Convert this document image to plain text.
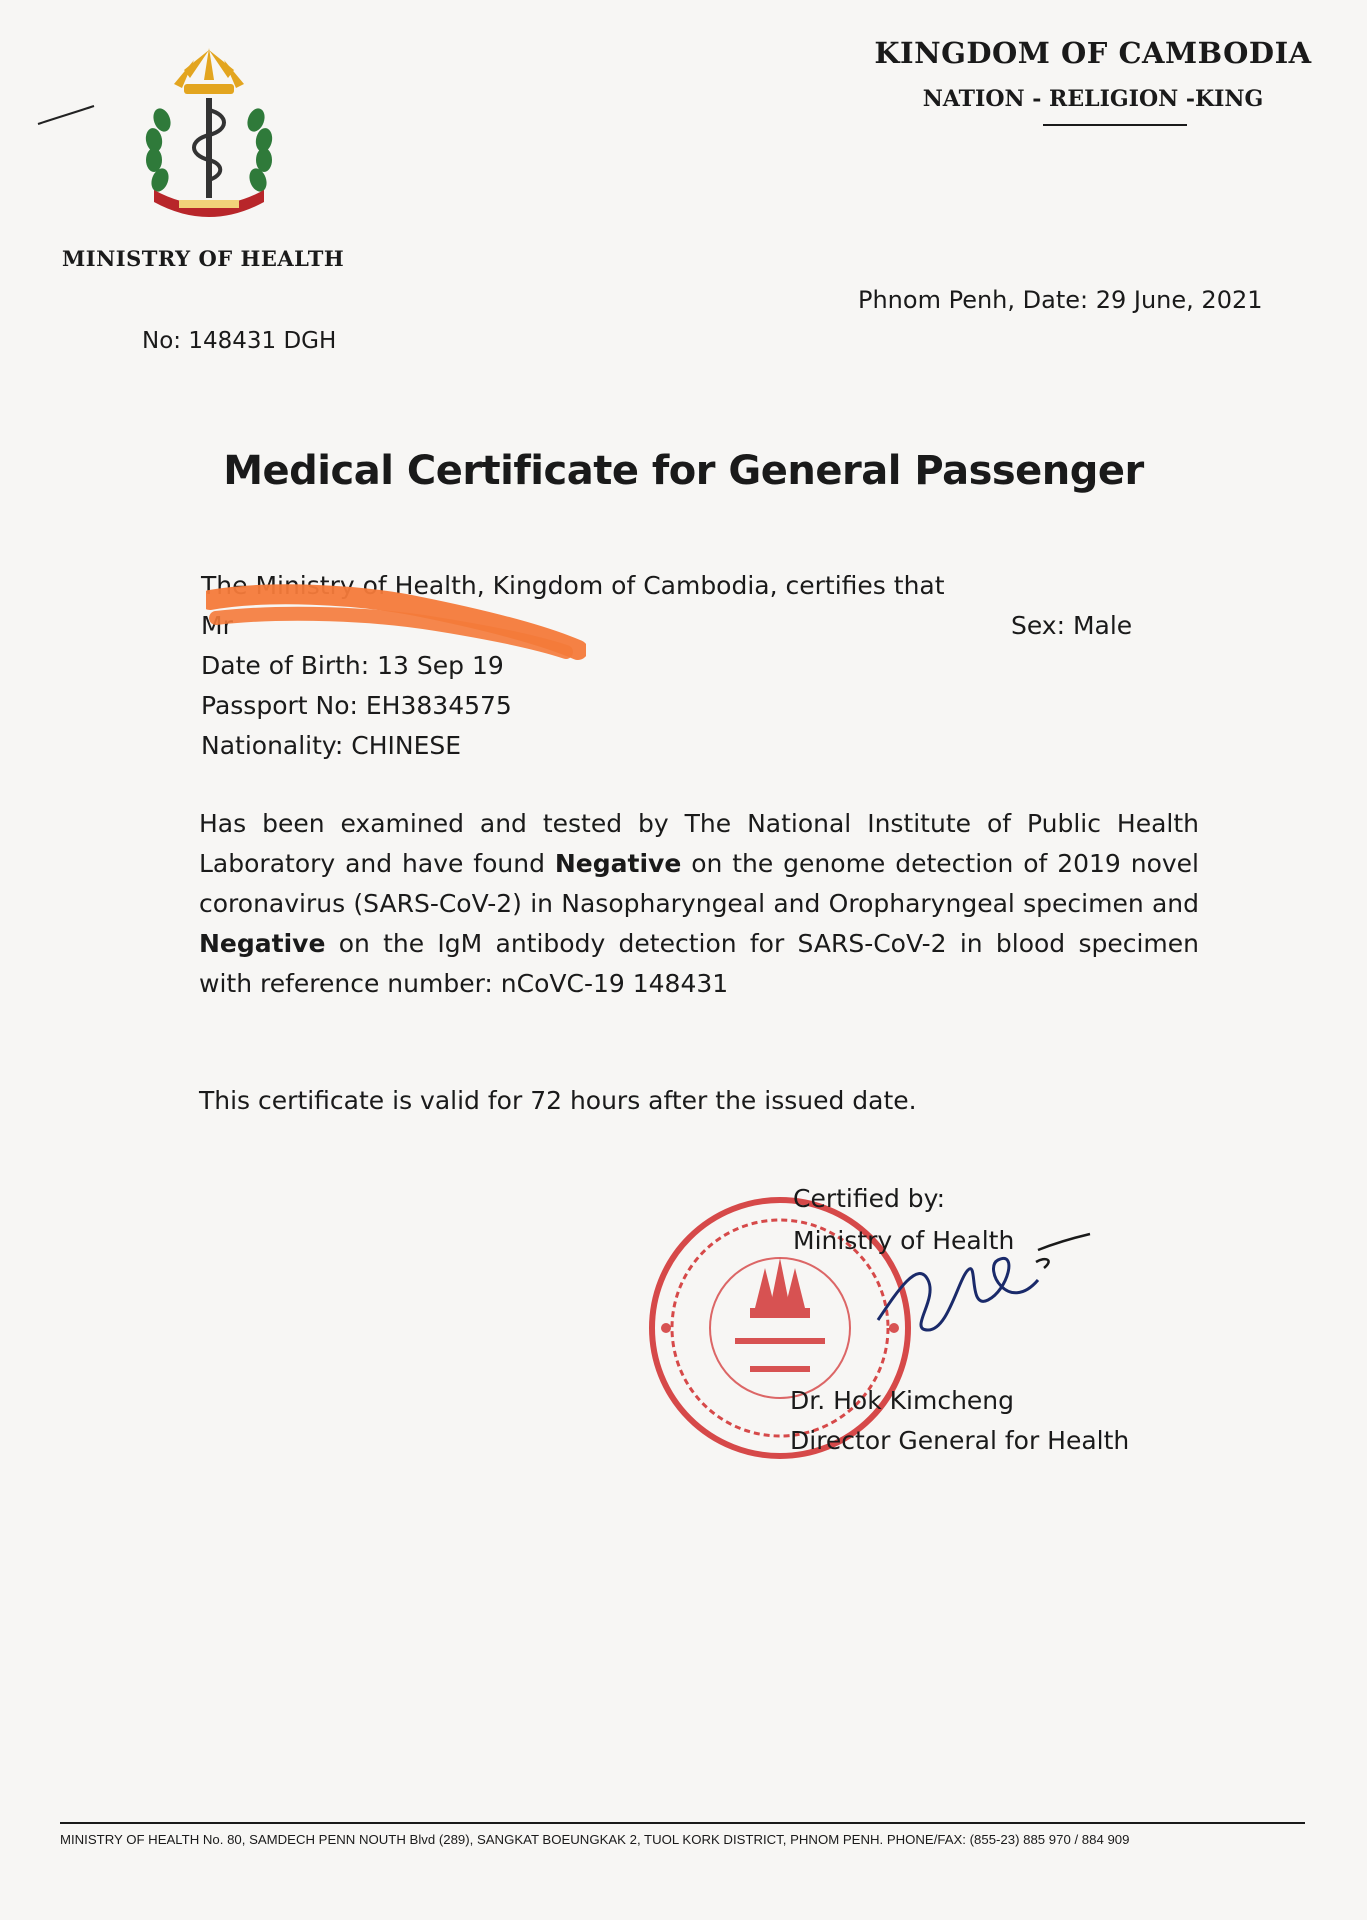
MINISTRY OF HEALTH
KINGDOM OF CAMBODIA
NATION - RELIGION -KING
Phnom Penh, Date: 29 June, 2021
No: 148431 DGH
Medical Certificate for General Passenger
The Ministry of Health, Kingdom of Cambodia, certifies that
Mr	Sex: Male
Date of Birth: 13 Sep 19
Passport No: EH3834575
Nationality: CHINESE
Has been examined and tested by The National Institute of Public Health Laboratory and have found Negative on the genome detection of 2019 novel coronavirus (SARS-CoV-2) in Nasopharyngeal and Oropharyngeal specimen and Negative on the IgM antibody detection for SARS-CoV-2 in blood specimen with reference number: nCoVC-19 148431
This certificate is valid for 72 hours after the issued date.
Certified by:
Ministry of Health
Dr. Hok Kimcheng
Director General for Health
MINISTRY OF HEALTH No. 80, SAMDECH PENN NOUTH Blvd (289), SANGKAT BOEUNGKAK 2, TUOL KORK DISTRICT, PHNOM PENH. PHONE/FAX: (855-23) 885 970 / 884 909
